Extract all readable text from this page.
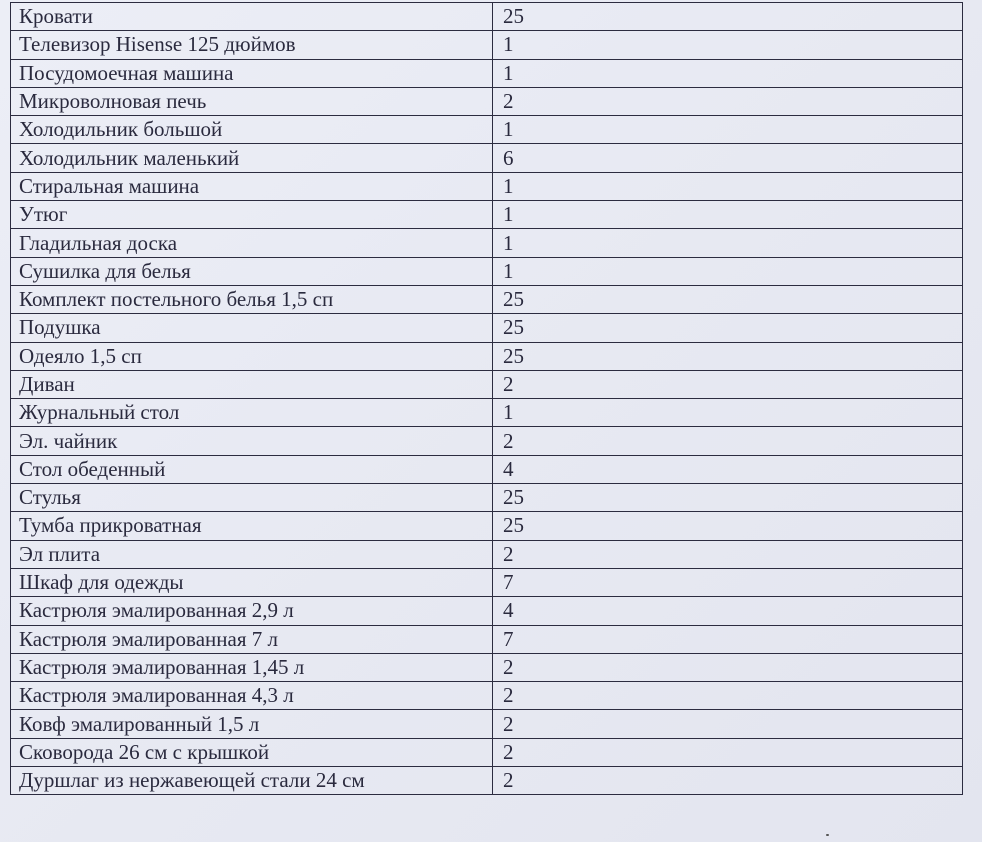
Кровати	25
Телевизор Hisense 125 дюймов	1
Посудомоечная машина	1
Микроволновая печь	2
Холодильник большой	1
Холодильник маленький	6
Стиральная машина	1
Утюг	1
Гладильная доска	1
Сушилка для белья	1
Комплект постельного белья 1,5 сп	25
Подушка	25
Одеяло 1,5 сп	25
Диван	2
Журнальный стол	1
Эл. чайник	2
Стол обеденный	4
Стулья	25
Тумба прикроватная	25
Эл плита	2
Шкаф для одежды	7
Кастрюля эмалированная 2,9 л	4
Кастрюля эмалированная 7 л	7
Кастрюля эмалированная 1,45 л	2
Кастрюля эмалированная 4,3 л	2
Ковф эмалированный 1,5 л	2
Сковорода 26 см с крышкой	2
Дуршлаг из нержавеющей стали 24 см	2
